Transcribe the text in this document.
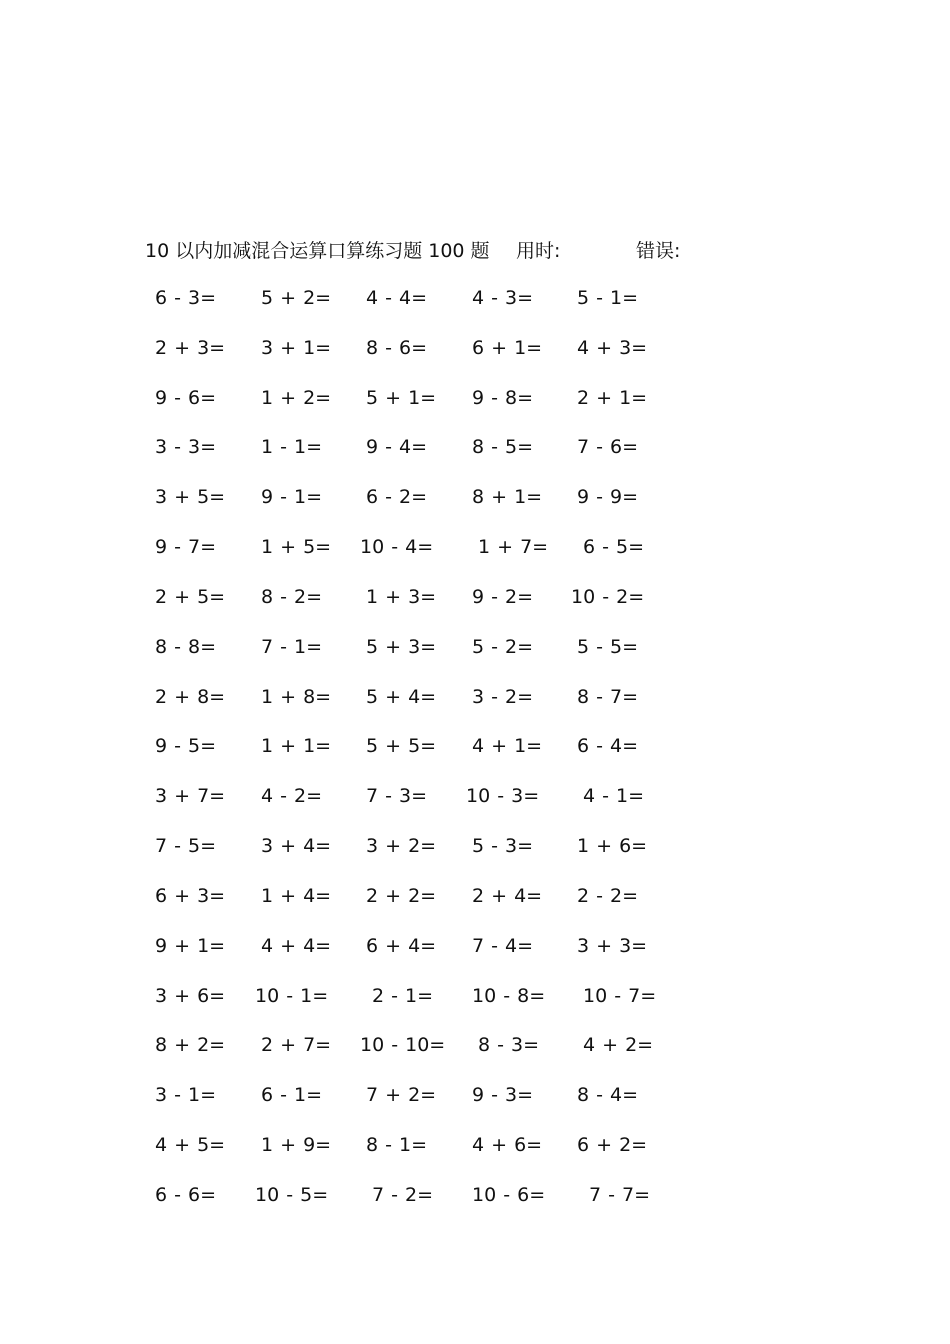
10 以内加减混合运算口算练习题 100 题 用时:	错误:
6 - 3= 5 + 2= 4 - 4= 4 - 3= 5 - 1=
2 + 3= 3 + 1= 8 - 6= 6 + 1= 4 + 3=
9 - 6= 1 + 2= 5 + 1= 9 - 8= 2 + 1=
3 - 3= 1 - 1= 9 - 4= 8 - 5= 7 - 6=
3 + 5= 9 - 1= 6 - 2= 8 + 1= 9 - 9=
9 - 7= 1 + 5= 10 - 4= 1 + 7= 6 - 5=
2 + 5= 8 - 2= 1 + 3= 9 - 2= 10 - 2=
8 - 8= 7 - 1= 5 + 3= 5 - 2= 5 - 5=
2 + 8= 1 + 8= 5 + 4= 3 - 2= 8 - 7=
9 - 5= 1 + 1= 5 + 5= 4 + 1= 6 - 4=
3 + 7= 4 - 2= 7 - 3= 10 - 3= 4 - 1=
7 - 5= 3 + 4= 3 + 2= 5 - 3= 1 + 6=
6 + 3= 1 + 4= 2 + 2= 2 + 4= 2 - 2=
9 + 1= 4 + 4= 6 + 4= 7 - 4= 3 + 3=
3 + 6= 10 - 1= 2 - 1= 10 - 8= 10 - 7=
8 + 2= 2 + 7= 10 - 10= 8 - 3= 4 + 2=
3 - 1= 6 - 1= 7 + 2= 9 - 3= 8 - 4=
4 + 5= 1 + 9= 8 - 1= 4 + 6= 6 + 2=
6 - 6= 10 - 5= 7 - 2= 10 - 6= 7 - 7=
